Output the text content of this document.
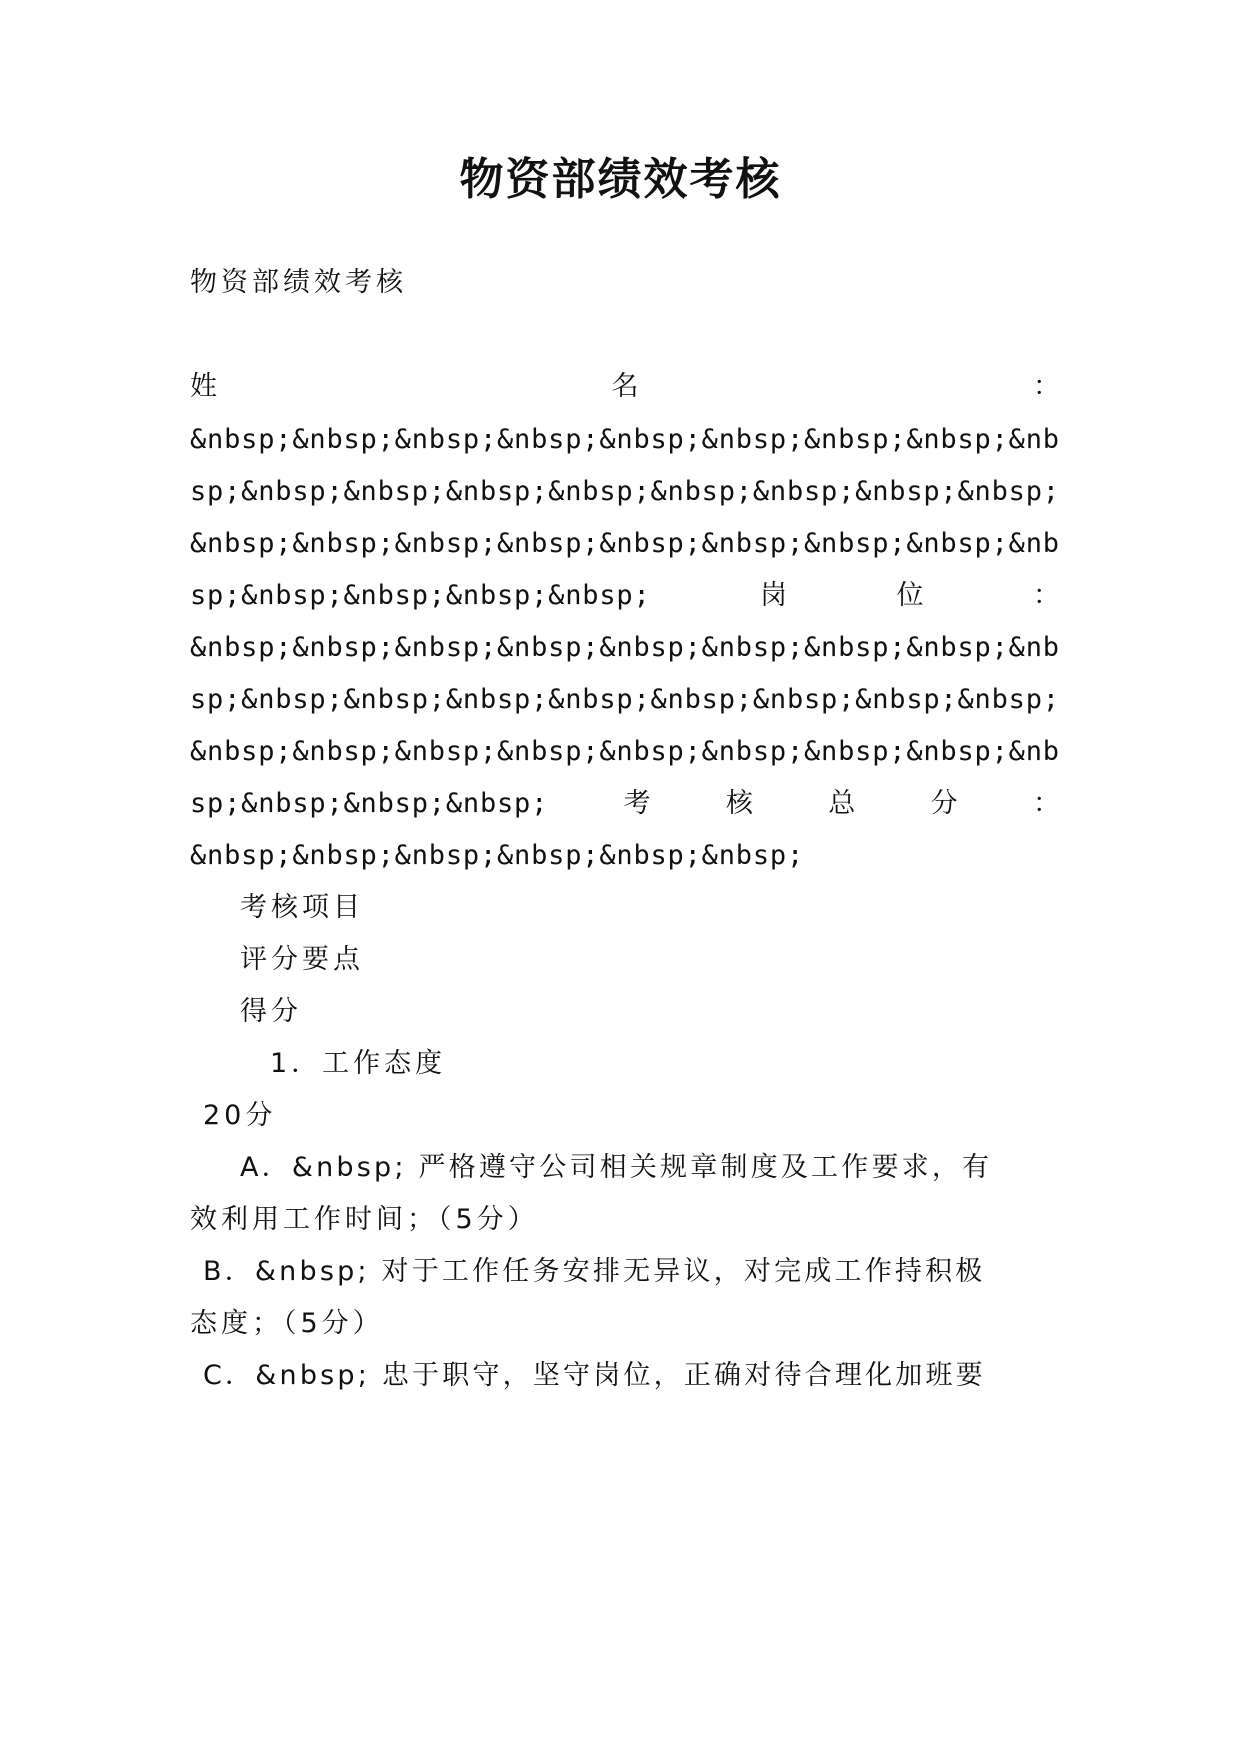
物资部绩效考核
物资部绩效考核
姓	名	：
&nbsp;&nbsp;&nbsp;&nbsp;&nbsp;&nbsp;&nbsp;&nbsp;&nb
sp;&nbsp;&nbsp;&nbsp;&nbsp;&nbsp;&nbsp;&nbsp;&nbsp;
&nbsp;&nbsp;&nbsp;&nbsp;&nbsp;&nbsp;&nbsp;&nbsp;&nb
sp;&nbsp;&nbsp;&nbsp;&nbsp;	岗	位	：
&nbsp;&nbsp;&nbsp;&nbsp;&nbsp;&nbsp;&nbsp;&nbsp;&nb
sp;&nbsp;&nbsp;&nbsp;&nbsp;&nbsp;&nbsp;&nbsp;&nbsp;
&nbsp;&nbsp;&nbsp;&nbsp;&nbsp;&nbsp;&nbsp;&nbsp;&nb
sp;&nbsp;&nbsp;&nbsp;	考	核	总	分	：
&nbsp;&nbsp;&nbsp;&nbsp;&nbsp;&nbsp;
考核项目
评分要点
得分
1．工作态度
20分
A．&nbsp; 严格遵守公司相关规章制度及工作要求，有
效利用工作时间；（5分）
B．&nbsp; 对于工作任务安排无异议，对完成工作持积极
态度；（5分）
C．&nbsp; 忠于职守，坚守岗位，正确对待合理化加班要
